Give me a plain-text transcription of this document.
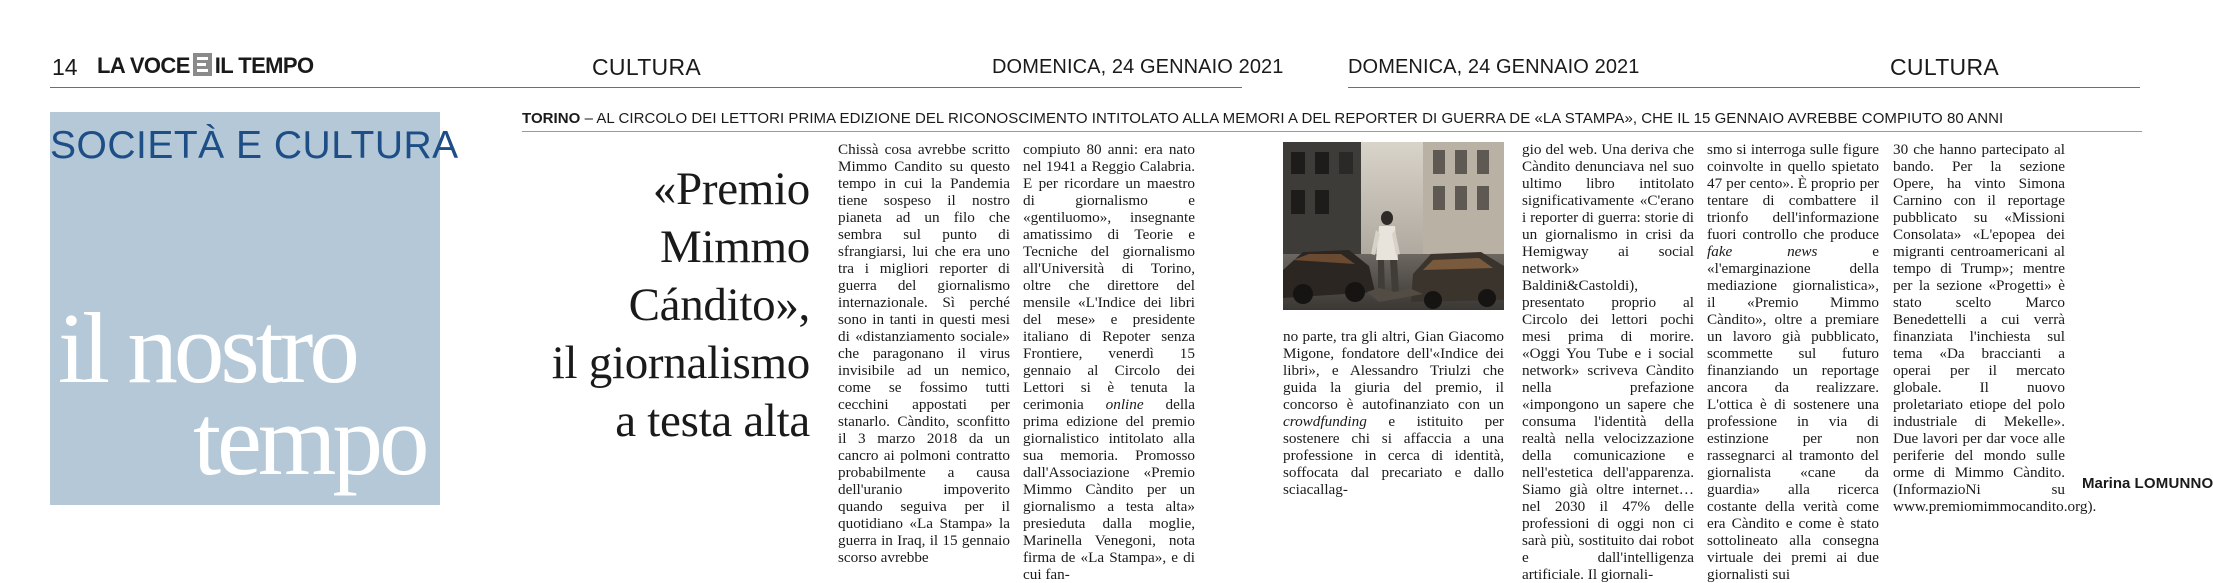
14 LA VOCE IL TEMPO	CULTURA	DOMENICA, 24 GENNAIO 2021	DOMENICA, 24 GENNAIO 2021	CULTURA
SOCIETÀ E CULTURA
il nostro
tempo
TORINO – AL CIRCOLO DEI LETTORI PRIMA EDIZIONE DEL RICONOSCIMENTO INTITOLATO ALLA MEMORI A DEL REPORTER DI GUERRA DE «LA STAMPA», CHE IL 15 GENNAIO AVREBBE COMPIUTO 80 ANNI
«Premio
Mimmo
Cándito»,
il giornalismo
a testa alta

Chissà cosa avrebbe scritto Mimmo Candito su questo tempo in cui la Pandemia tiene sospeso il nostro pianeta ad un filo che sembra sul punto di sfrangiarsi, lui che era uno tra i migliori reporter di guerra del giornalismo internazionale. Sì perché sono in tanti in questi mesi di «distanziamento sociale» che paragonano il virus invisibile ad un nemico, come se fossimo tutti cecchini appostati per stanarlo. Càndito, sconfitto il 3 marzo 2018 da un cancro ai polmoni contratto probabilmente a causa dell'uranio impoverito quando seguiva per il quotidiano «La Stampa» la guerra in Iraq, il 15 gennaio scorso avrebbe

compiuto 80 anni: era nato nel 1941 a Reggio Calabria. E per ricordare un maestro di giornalismo e «gentiluomo», insegnante amatissimo di Teorie e Tecniche del giornalismo all'Università di Torino, oltre che direttore del mensile «L'Indice dei libri del mese» e presidente italiano di Repoter senza Frontiere, venerdì 15 gennaio al Circolo dei Lettori si è tenuta la cerimonia online della prima edizione del premio giornalistico intitolato alla sua memoria. Promosso dall'Associazione «Premio Mimmo Càndito per un giornalismo a testa alta» presieduta dalla moglie, Marinella Venegoni, nota firma de «La Stampa», e di cui fan-

no parte, tra gli altri, Gian Giacomo Migone, fondatore dell'«Indice dei libri», e Alessandro Triulzi che guida la giuria del premio, il concorso è autofinanziato con un crowdfunding e istituito per sostenere chi si affaccia a una professione in cerca di identità, soffocata dal precariato e dallo sciacallag-

gio del web. Una deriva che Càndito denunciava nel suo ultimo libro intitolato significativamente «C'erano i reporter di guerra: storie di un giornalismo in crisi da Hemigway ai social network» Baldini&Castoldi), presentato proprio al Circolo dei lettori pochi mesi prima di morire. «Oggi You Tube e i social network» scriveva Càndito nella prefazione «impongono un sapere che consuma l'identità della realtà nella velocizzazione della comunicazione e nell'estetica dell'apparenza. Siamo già oltre internet… nel 2030 il 47% delle professioni di oggi non ci sarà più, sostituito dai robot e dall'intelligenza artificiale. Il giornali-

smo si interroga sulle figure coinvolte in quello spietato 47 per cento». È proprio per tentare di combattere il trionfo dell'informazione fuori controllo che produce fake news e «l'emarginazione della mediazione giornalistica», il «Premio Mimmo Càndito», oltre a premiare un lavoro già pubblicato, scommette sul futuro finanziando un reportage ancora da realizzare. L'ottica è di sostenere una professione in via di estinzione per non rassegnarci al tramonto del giornalista «cane da guardia» alla ricerca costante della verità come era Càndito e come è stato sottolineato alla consegna virtuale dei premi ai due giornalisti sui

30 che hanno partecipato al bando. Per la sezione Opere, ha vinto Simona Carnino con il reportage pubblicato su «Missioni Consolata» «L'epopea dei migranti centroamericani al tempo di Trump»; mentre per la sezione «Progetti» è stato scelto Marco Benedettelli a cui verrà finanziata l'inchiesta sul tema «Da braccianti a operai per il mercato globale. Il nuovo proletariato etiope del polo industriale di Mekelle». Due lavori per dar voce alle periferie del mondo sulle orme di Mimmo Càndito.(InformazioNi su www.premiomimmocandito.org).

Marina LOMUNNO
